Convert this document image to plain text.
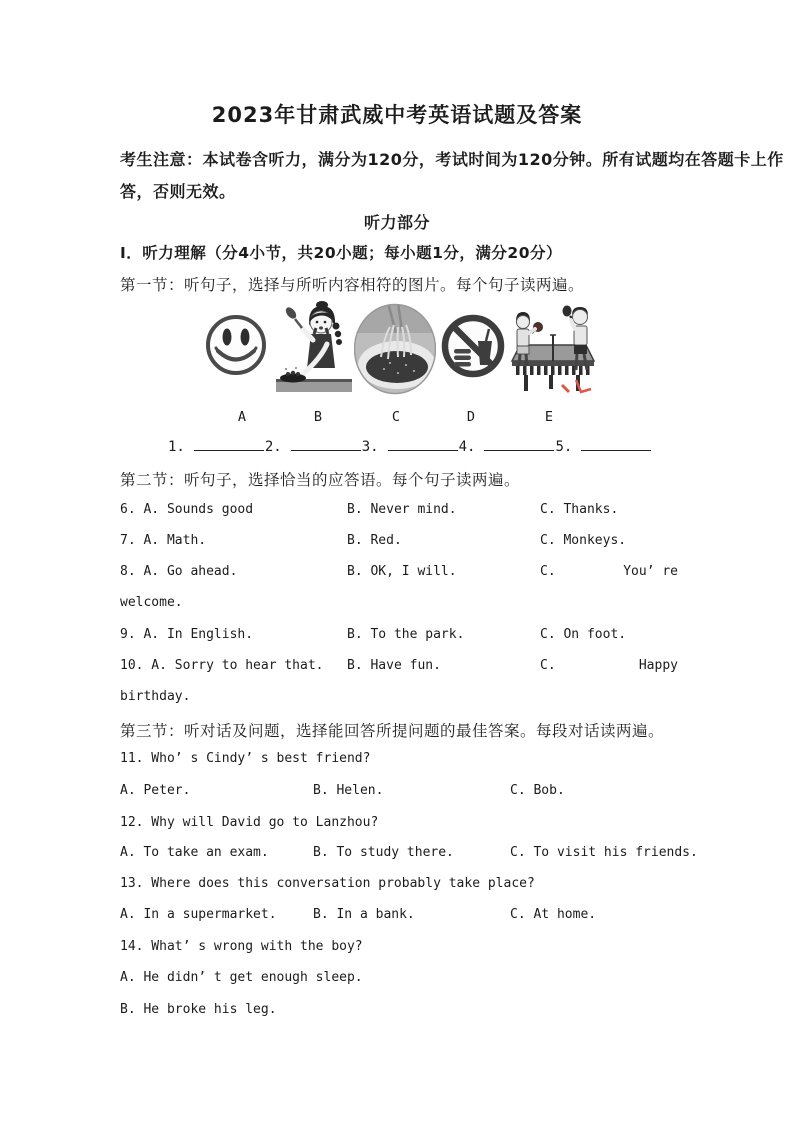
2023年甘肃武威中考英语试题及答案
考生注意：本试卷含听力，满分为120分，考试时间为120分钟。所有试题均在答题卡上作
答，否则无效。
听力部分
Ⅰ．听力理解（分4小节，共20小题；每小题1分，满分20分）
第一节：听句子，选择与所听内容相符的图片。每个句子读两遍。
A	B	C	D	E
1.	2.	3.	4.	5.
第二节：听句子，选择恰当的应答语。每个句子读两遍。
6. A. Sounds good	B. Never mind.	C. Thanks.
7. A. Math.	B. Red.	C. Monkeys.
8. A. Go ahead.	B. OK, I will.	C.	You’ re
welcome.
9. A. In English.	B. To the park.	C. On foot.
10. A. Sorry to hear that. B. Have fun.	C.	Happy
birthday.
第三节：听对话及问题，选择能回答所提问题的最佳答案。每段对话读两遍。
11. Who’ s Cindy’ s best friend?
A. Peter.	B. Helen.	C. Bob.
12. Why will David go to Lanzhou?
A. To take an exam.	B. To study there.	C. To visit his friends.
13. Where does this conversation probably take place?
A. In a supermarket.	B. In a bank.	C. At home.
14. What’ s wrong with the boy?
A. He didn’ t get enough sleep.
B. He broke his leg.
